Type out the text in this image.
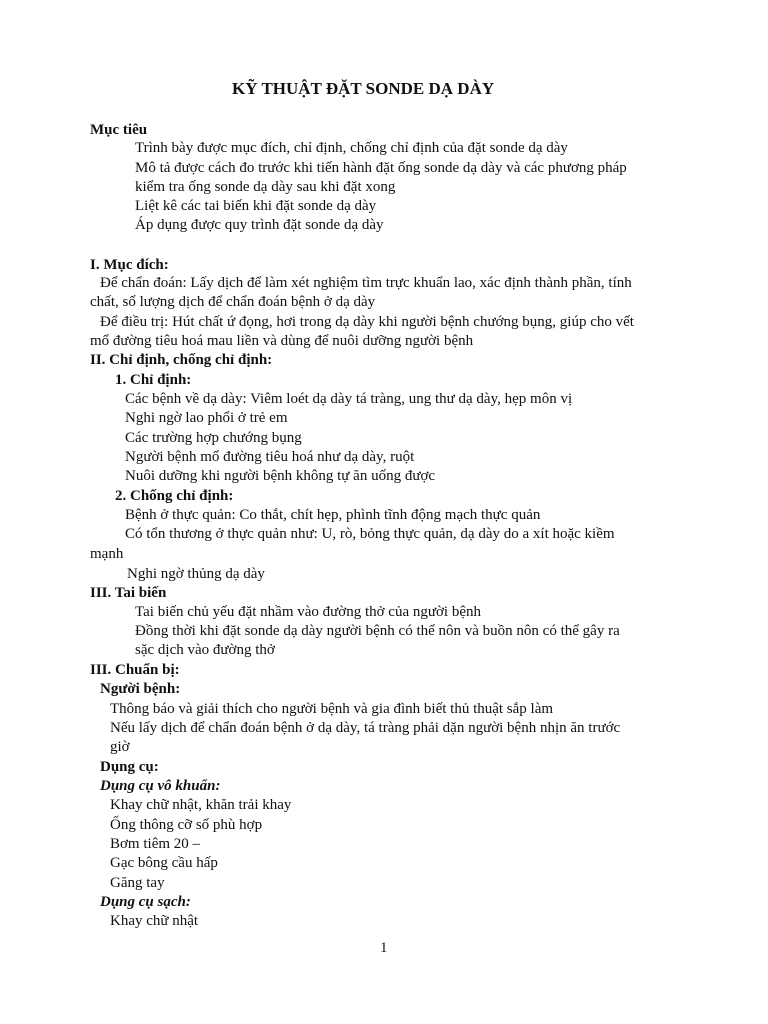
KỸ THUẬT ĐẶT SONDE DẠ DÀY
Mục tiêu
Trình bày được mục đích, chỉ định, chống chỉ định của đặt sonde dạ dày
Mô tả được cách đo trước khi tiến hành đặt ống sonde dạ dày và các phương pháp
kiểm tra ống sonde dạ dày sau khi đặt xong
Liệt kê các tai biến khi đặt sonde dạ dày
Áp dụng được quy trình đặt sonde dạ dày
I. Mục đích:
Để chẩn đoán: Lấy dịch để làm xét nghiệm tìm trực khuẩn lao, xác định thành phần, tính
chất, số lượng dịch để chẩn đoán bệnh ở dạ dày
Để điều trị: Hút chất ứ đọng, hơi trong dạ dày khi người bệnh chướng bụng, giúp cho vết
mổ đường tiêu hoá mau liền và dùng để nuôi dưỡng người bệnh
II. Chỉ định, chống chỉ định:
1. Chỉ định:
Các bệnh về dạ dày: Viêm loét dạ dày tá tràng, ung thư dạ dày, hẹp môn vị
Nghi ngờ lao phổi ở trẻ em
Các trường hợp chướng bụng
Người bệnh mổ đường tiêu hoá như dạ dày, ruột
Nuôi dưỡng khi người bệnh không tự ăn uống được
2. Chống chỉ định:
Bệnh ở thực quản: Co thắt, chít hẹp, phình tĩnh động mạch thực quản
Có tổn thương ở thực quản như: U, rò, bỏng thực quản, dạ dày do a xít hoặc kiềm
mạnh
Nghi ngờ thủng dạ dày
III. Tai biến
Tai biến chủ yếu đặt nhầm vào đường thở của người bệnh
Đồng thời khi đặt sonde dạ dày người bệnh có thể nôn và buồn nôn có thể gây ra
sặc dịch vào đường thở
III. Chuẩn bị:
Người bệnh:
Thông báo và giải thích cho người bệnh và gia đình biết thủ thuật sắp làm
Nếu lấy dịch để chẩn đoán bệnh ở dạ dày, tá tràng phải dặn người bệnh nhịn ăn trước
giờ
Dụng cụ:
Dụng cụ vô khuẩn:
Khay chữ nhật, khăn trải khay
Ống thông cỡ số phù hợp
Bơm tiêm 20 –
Gạc bông cầu hấp
Găng tay
Dụng cụ sạch:
Khay chữ nhật
1
